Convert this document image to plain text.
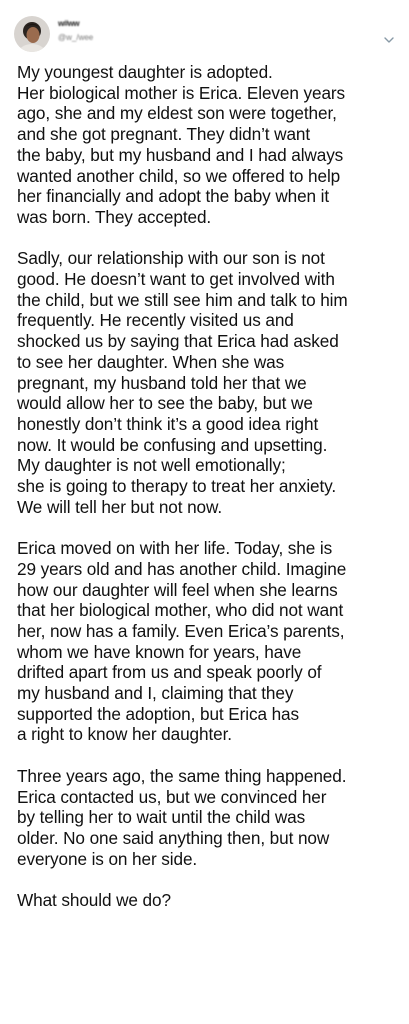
w#ww
@w_/wee
My youngest daughter is adopted.
Her biological mother is Erica. Eleven years
ago, she and my eldest son were together,
and she got pregnant. They didn’t want
the baby, but my husband and I had always
wanted another child, so we offered to help
her financially and adopt the baby when it
was born. They accepted.
Sadly, our relationship with our son is not
good. He doesn’t want to get involved with
the child, but we still see him and talk to him
frequently. He recently visited us and
shocked us by saying that Erica had asked
to see her daughter. When she was
pregnant, my husband told her that we
would allow her to see the baby, but we
honestly don’t think it’s a good idea right
now. It would be confusing and upsetting.
My daughter is not well emotionally;
she is going to therapy to treat her anxiety.
We will tell her but not now.
Erica moved on with her life. Today, she is
29 years old and has another child. Imagine
how our daughter will feel when she learns
that her biological mother, who did not want
her, now has a family. Even Erica’s parents,
whom we have known for years, have
drifted apart from us and speak poorly of
my husband and I, claiming that they
supported the adoption, but Erica has
a right to know her daughter.
Three years ago, the same thing happened.
Erica contacted us, but we convinced her
by telling her to wait until the child was
older. No one said anything then, but now
everyone is on her side.
What should we do?
